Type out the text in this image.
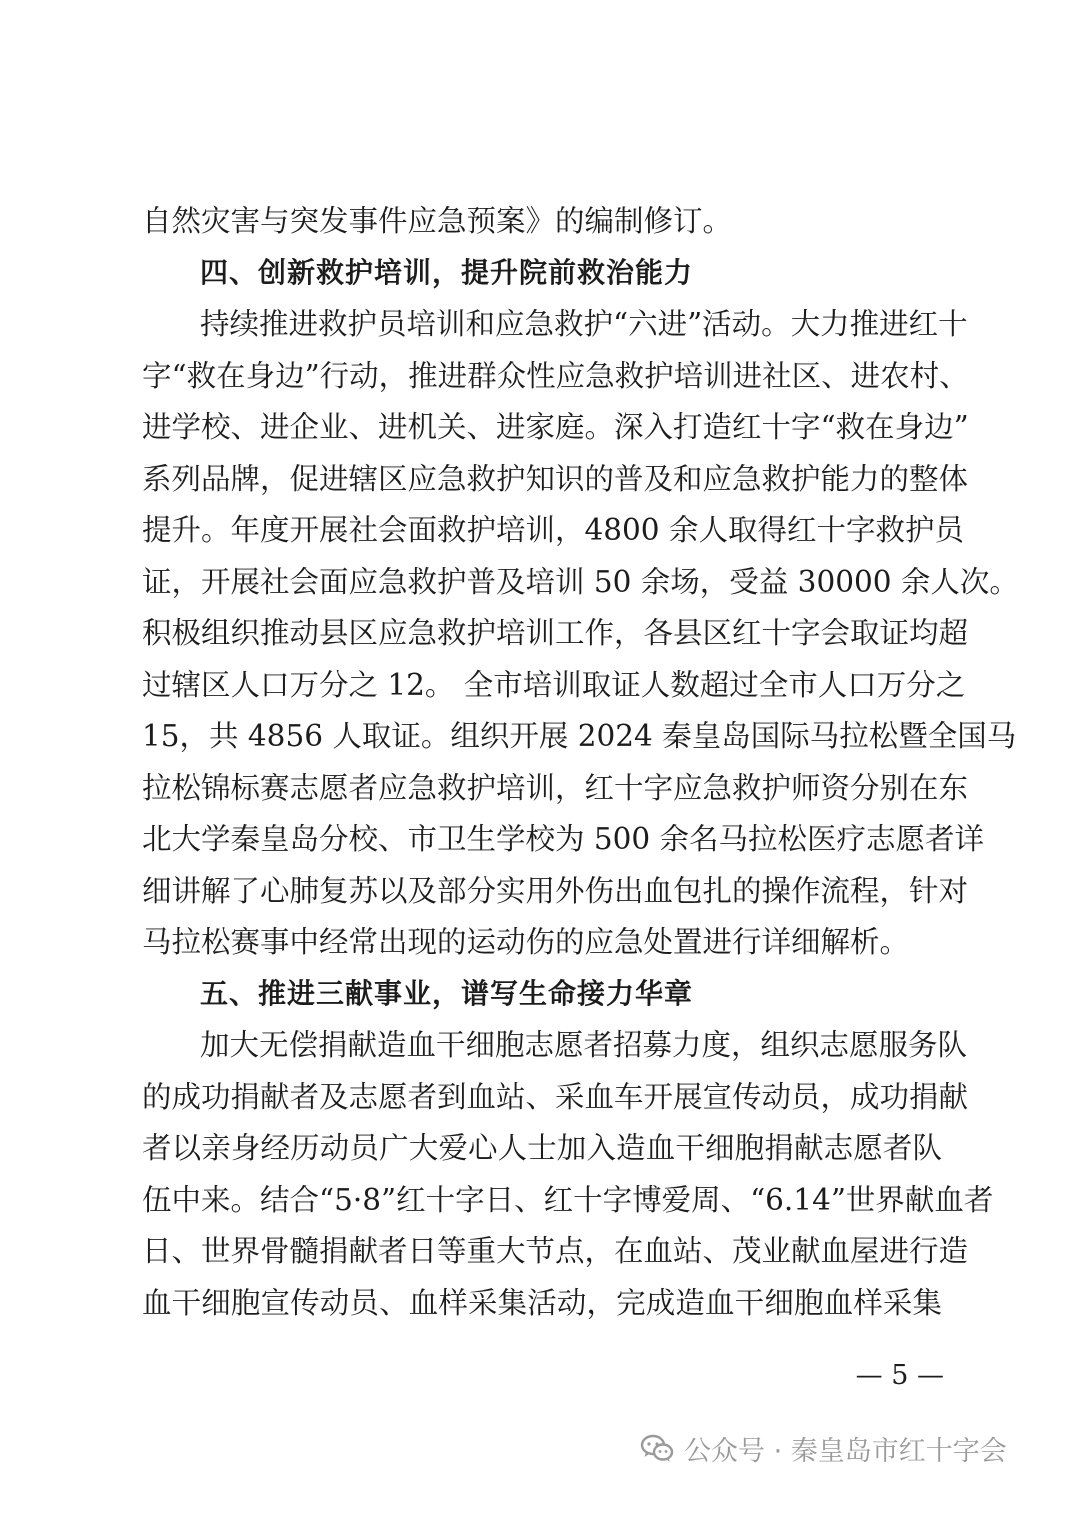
自然灾害与突发事件应急预案》的编制修订。
四、创新救护培训，提升院前救治能力
持续推进救护员培训和应急救护“六进”活动。大力推进红十
字“救在身边”行动，推进群众性应急救护培训进社区、进农村、
进学校、进企业、进机关、进家庭。深入打造红十字“救在身边”
系列品牌，促进辖区应急救护知识的普及和应急救护能力的整体
提升。年度开展社会面救护培训，4800 余人取得红十字救护员
证，开展社会面应急救护普及培训 50 余场，受益 30000 余人次。
积极组织推动县区应急救护培训工作，各县区红十字会取证均超
过辖区人口万分之 12。 全市培训取证人数超过全市人口万分之
15，共 4856 人取证。组织开展 2024 秦皇岛国际马拉松暨全国马
拉松锦标赛志愿者应急救护培训，红十字应急救护师资分别在东
北大学秦皇岛分校、市卫生学校为 500 余名马拉松医疗志愿者详
细讲解了心肺复苏以及部分实用外伤出血包扎的操作流程，针对
马拉松赛事中经常出现的运动伤的应急处置进行详细解析。
五、推进三献事业，谱写生命接力华章
加大无偿捐献造血干细胞志愿者招募力度，组织志愿服务队
的成功捐献者及志愿者到血站、采血车开展宣传动员，成功捐献
者以亲身经历动员广大爱心人士加入造血干细胞捐献志愿者队
伍中来。结合“5·8”红十字日、红十字博爱周、“6.14”世界献血者
日、世界骨髓捐献者日等重大节点，在血站、茂业献血屋进行造
血干细胞宣传动员、血样采集活动，完成造血干细胞血样采集
— 5 —
公众号 · 秦皇岛市红十字会
